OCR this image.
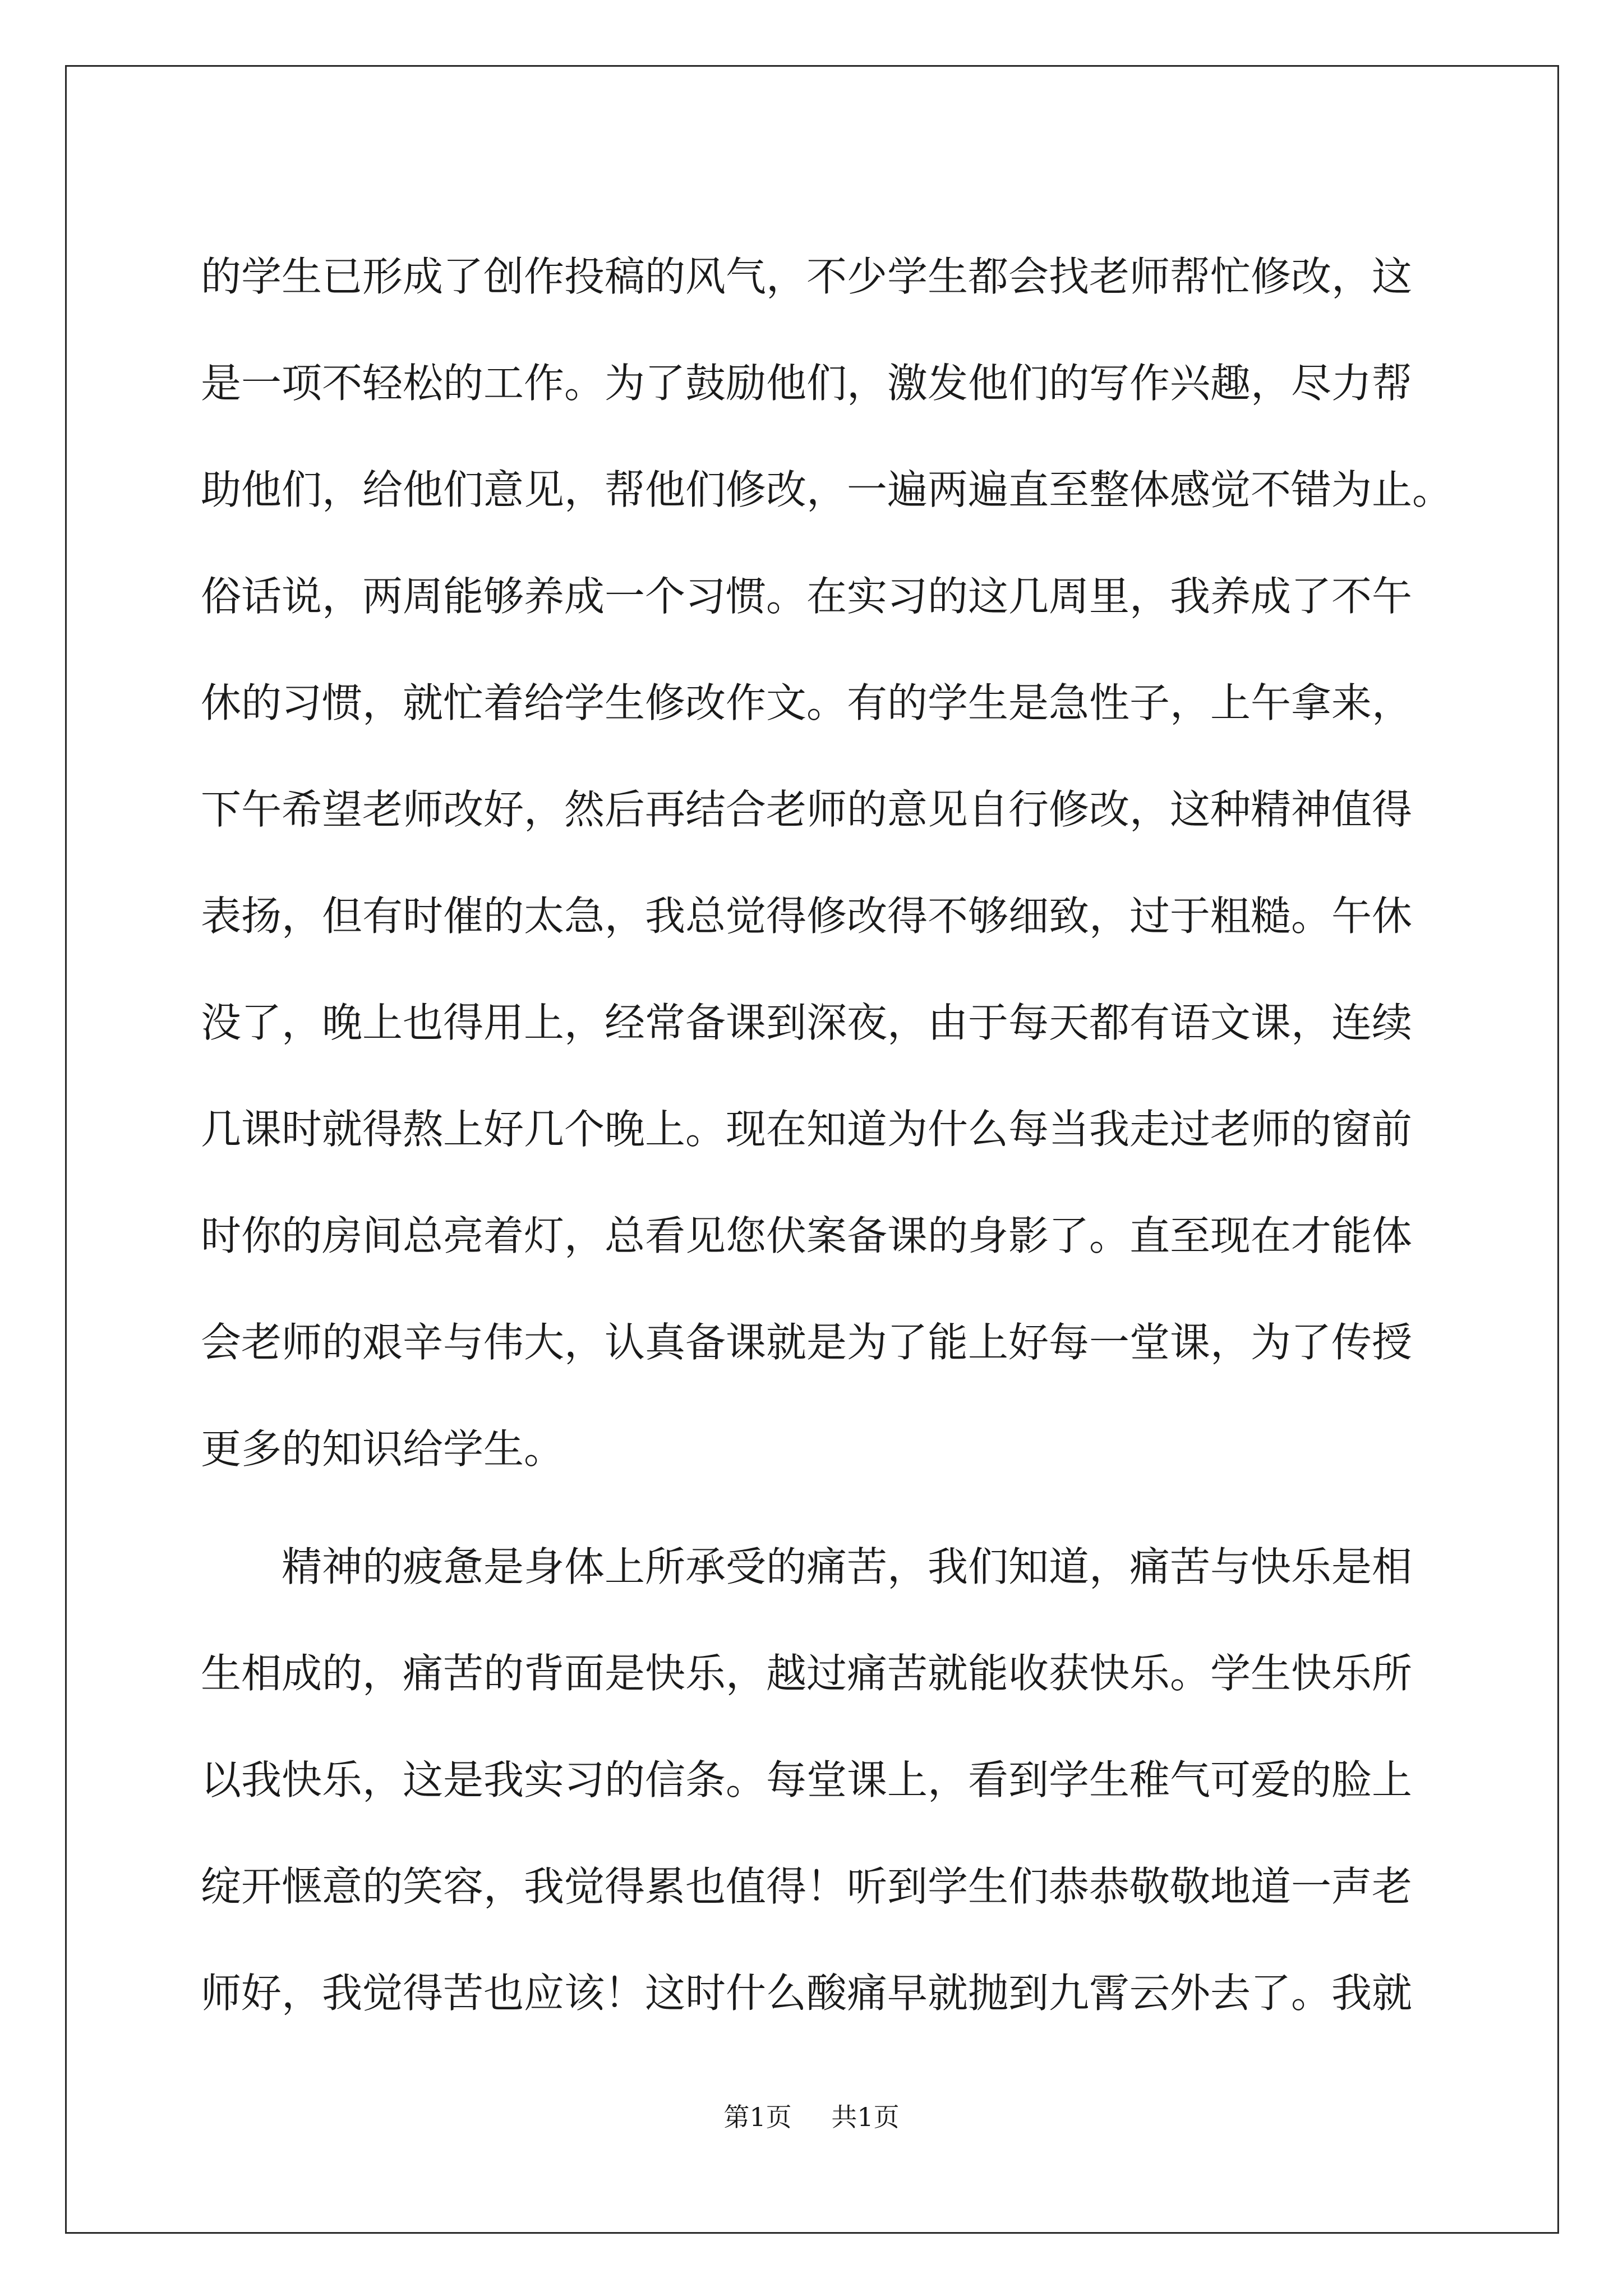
的学生已形成了创作投稿的风气，不少学生都会找老师帮忙修改，这
是一项不轻松的工作。为了鼓励他们，激发他们的写作兴趣，尽力帮
助他们，给他们意见，帮他们修改，一遍两遍直至整体感觉不错为止。
俗话说，两周能够养成一个习惯。在实习的这几周里，我养成了不午
休的习惯，就忙着给学生修改作文。有的学生是急性子，上午拿来，
下午希望老师改好，然后再结合老师的意见自行修改，这种精神值得
表扬，但有时催的太急，我总觉得修改得不够细致，过于粗糙。午休
没了，晚上也得用上，经常备课到深夜，由于每天都有语文课，连续
几课时就得熬上好几个晚上。现在知道为什么每当我走过老师的窗前
时你的房间总亮着灯，总看见您伏案备课的身影了。直至现在才能体
会老师的艰辛与伟大，认真备课就是为了能上好每一堂课，为了传授
更多的知识给学生。
精神的疲惫是身体上所承受的痛苦，我们知道，痛苦与快乐是相
生相成的，痛苦的背面是快乐，越过痛苦就能收获快乐。学生快乐所
以我快乐，这是我实习的信条。每堂课上，看到学生稚气可爱的脸上
绽开惬意的笑容，我觉得累也值得！听到学生们恭恭敬敬地道一声老
师好，我觉得苦也应该！这时什么酸痛早就抛到九霄云外去了。我就
第1页 共1页
